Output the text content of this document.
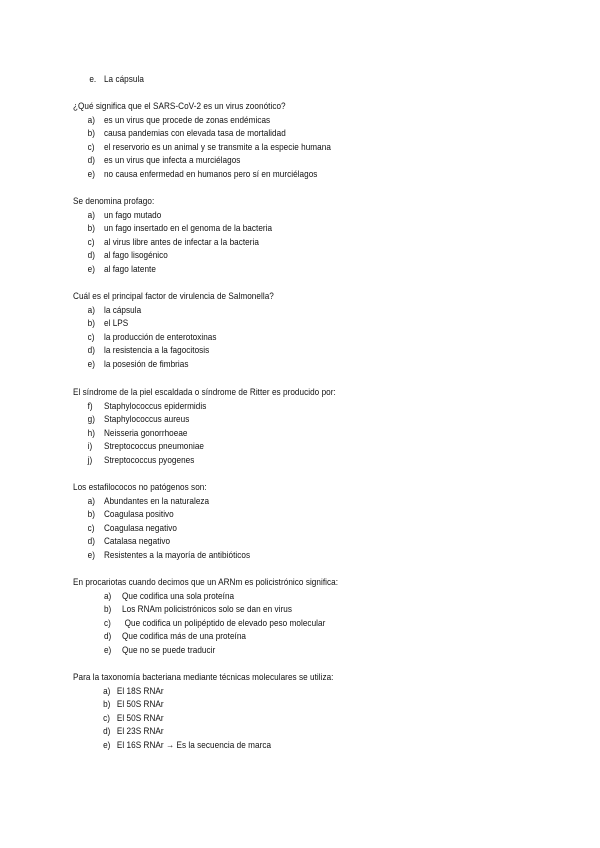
e. La cápsula
¿Qué significa que el SARS-CoV-2 es un virus zoonótico?
a) es un virus que procede de zonas endémicas
b) causa pandemias con elevada tasa de mortalidad
c) el reservorio es un animal y se transmite a la especie humana
d) es un virus que infecta a murciélagos
e) no causa enfermedad en humanos pero sí en murciélagos
Se denomina profago:
a) un fago mutado
b) un fago insertado en el genoma de la bacteria
c) al virus libre antes de infectar a la bacteria
d) al fago lisogénico
e) al fago latente
Cuál es el principal factor de virulencia de Salmonella?
a) la cápsula
b) el LPS
c) la producción de enterotoxinas
d) la resistencia a la fagocitosis
e) la posesión de fimbrias
El síndrome de la piel escaldada o síndrome de Ritter es producido por:
f) Staphylococcus epidermidis
g) Staphylococcus aureus
h) Neisseria gonorrhoeae
i) Streptococcus pneumoniae
j) Streptococcus pyogenes
Los estafilococos no patógenos son:
a) Abundantes en la naturaleza
b) Coagulasa positivo
c) Coagulasa negativo
d) Catalasa negativo
e) Resistentes a la mayoría de antibióticos
En procariotas cuando decimos que un ARNm es policistrónico significa:
a) Que codifica una sola proteína
b) Los RNAm policistrónicos solo se dan en virus
c) Que codifica un polipéptido de elevado peso molecular
d) Que codifica más de una proteína
e) Que no se puede traducir
Para la taxonomía bacteriana mediante técnicas moleculares se utiliza:
a) El 18S RNAr
b) El 50S RNAr
c) El 50S RNAr
d) El 23S RNAr
e) El 16S RNAr → Es la secuencia de marca
